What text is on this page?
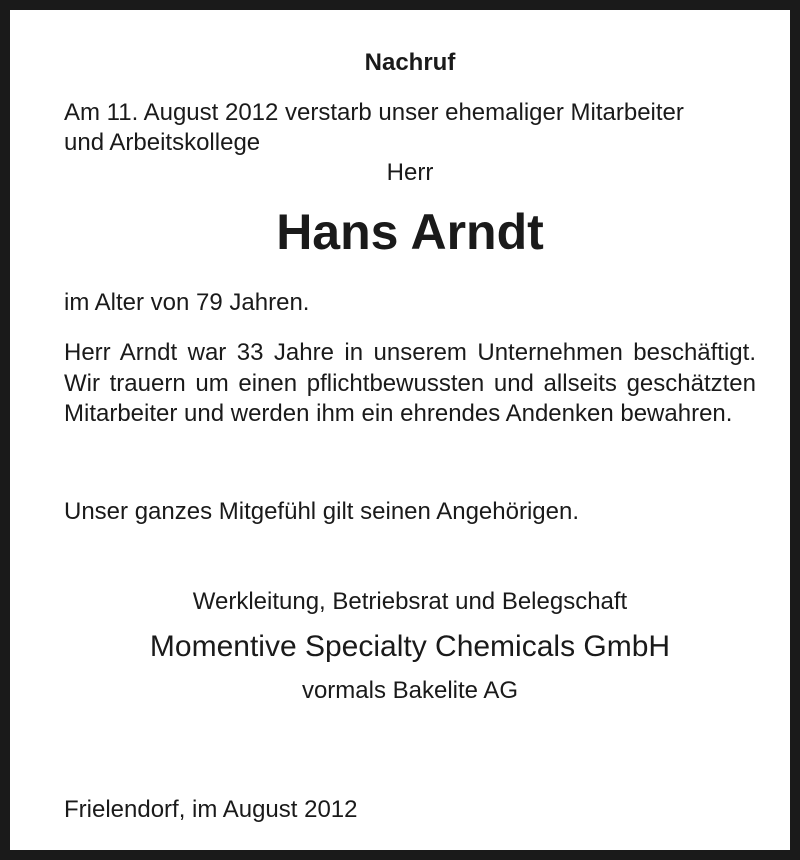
Nachruf

Am 11. August 2012 verstarb unser ehemaliger Mitarbeiter

und Arbeitskollege

Herr

Hans Arndt

im Alter von 79 Jahren.

Herr Arndt war 33 Jahre in unserem Unternehmen beschäftigt. Wir trauern um einen pflichtbewussten und allseits geschätzten Mitarbeiter und werden ihm ein ehrendes Andenken bewahren.

Unser ganzes Mitgefühl gilt seinen Angehörigen.

Werkleitung, Betriebsrat und Belegschaft

Momentive Specialty Chemicals GmbH

vormals Bakelite AG

Frielendorf, im August 2012
